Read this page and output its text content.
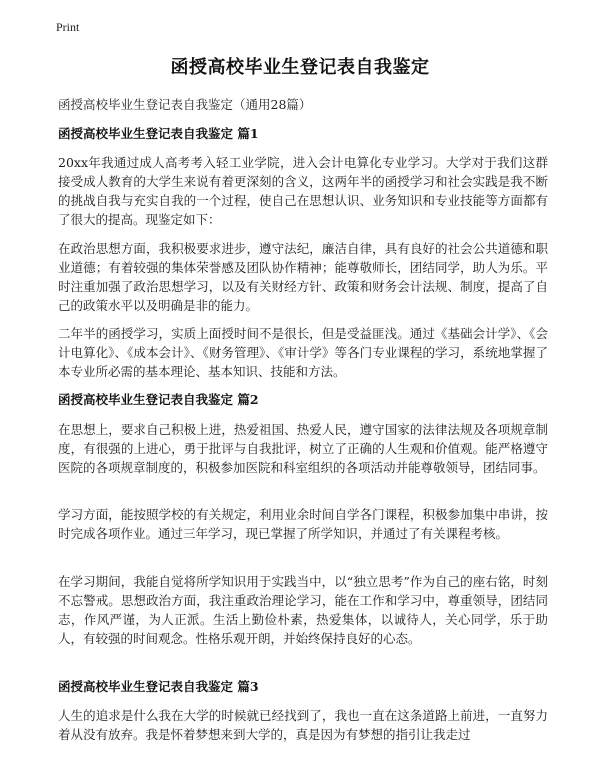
Print
函授高校毕业生登记表自我鉴定
函授高校毕业生登记表自我鉴定（通用28篇）
函授高校毕业生登记表自我鉴定 篇1

20xx年我通过成人高考考入轻工业学院，进入会计电算化专业学习。大学对于我们这群接受成人教育的大学生来说有着更深刻的含义，这两年半的函授学习和社会实践是我不断的挑战自我与充实自我的一个过程，使自己在思想认识、业务知识和专业技能等方面都有了很大的提高。现鉴定如下：

在政治思想方面，我积极要求进步，遵守法纪，廉洁自律，具有良好的社会公共道德和职业道德；有着较强的集体荣誉感及团队协作精神；能尊敬师长，团结同学，助人为乐。平时注重加强了政治思想学习，以及有关财经方针、政策和财务会计法规、制度，提高了自己的政策水平以及明确是非的能力。

二年半的函授学习，实质上面授时间不是很长，但是受益匪浅。通过《基础会计学》、《会计电算化》、《成本会计》、《财务管理》、《审计学》等各门专业课程的学习，系统地掌握了本专业所必需的基本理论、基本知识、技能和方法。

函授高校毕业生登记表自我鉴定 篇2

在思想上，要求自己积极上进，热爱祖国、热爱人民，遵守国家的法律法规及各项规章制度，有很强的上进心，勇于批评与自我批评，树立了正确的人生观和价值观。能严格遵守医院的各项规章制度的，积极参加医院和科室组织的各项活动并能尊敬领导，团结同事。

学习方面，能按照学校的有关规定，利用业余时间自学各门课程，积极参加集中串讲，按时完成各项作业。通过三年学习，现已掌握了所学知识，并通过了有关课程考核。

在学习期间，我能自觉将所学知识用于实践当中，以“独立思考”作为自己的座右铭，时刻不忘警戒。思想政治方面，我注重政治理论学习，能在工作和学习中，尊重领导，团结同志，作风严谨，为人正派。生活上勤俭朴素，热爱集体，以诚待人，关心同学，乐于助人，有较强的时间观念。性格乐观开朗，并始终保持良好的心态。

函授高校毕业生登记表自我鉴定 篇3

人生的追求是什么我在大学的时候就已经找到了，我也一直在这条道路上前进，一直努力着从没有放弃。我是怀着梦想来到大学的，真是因为有梦想的指引让我走过
